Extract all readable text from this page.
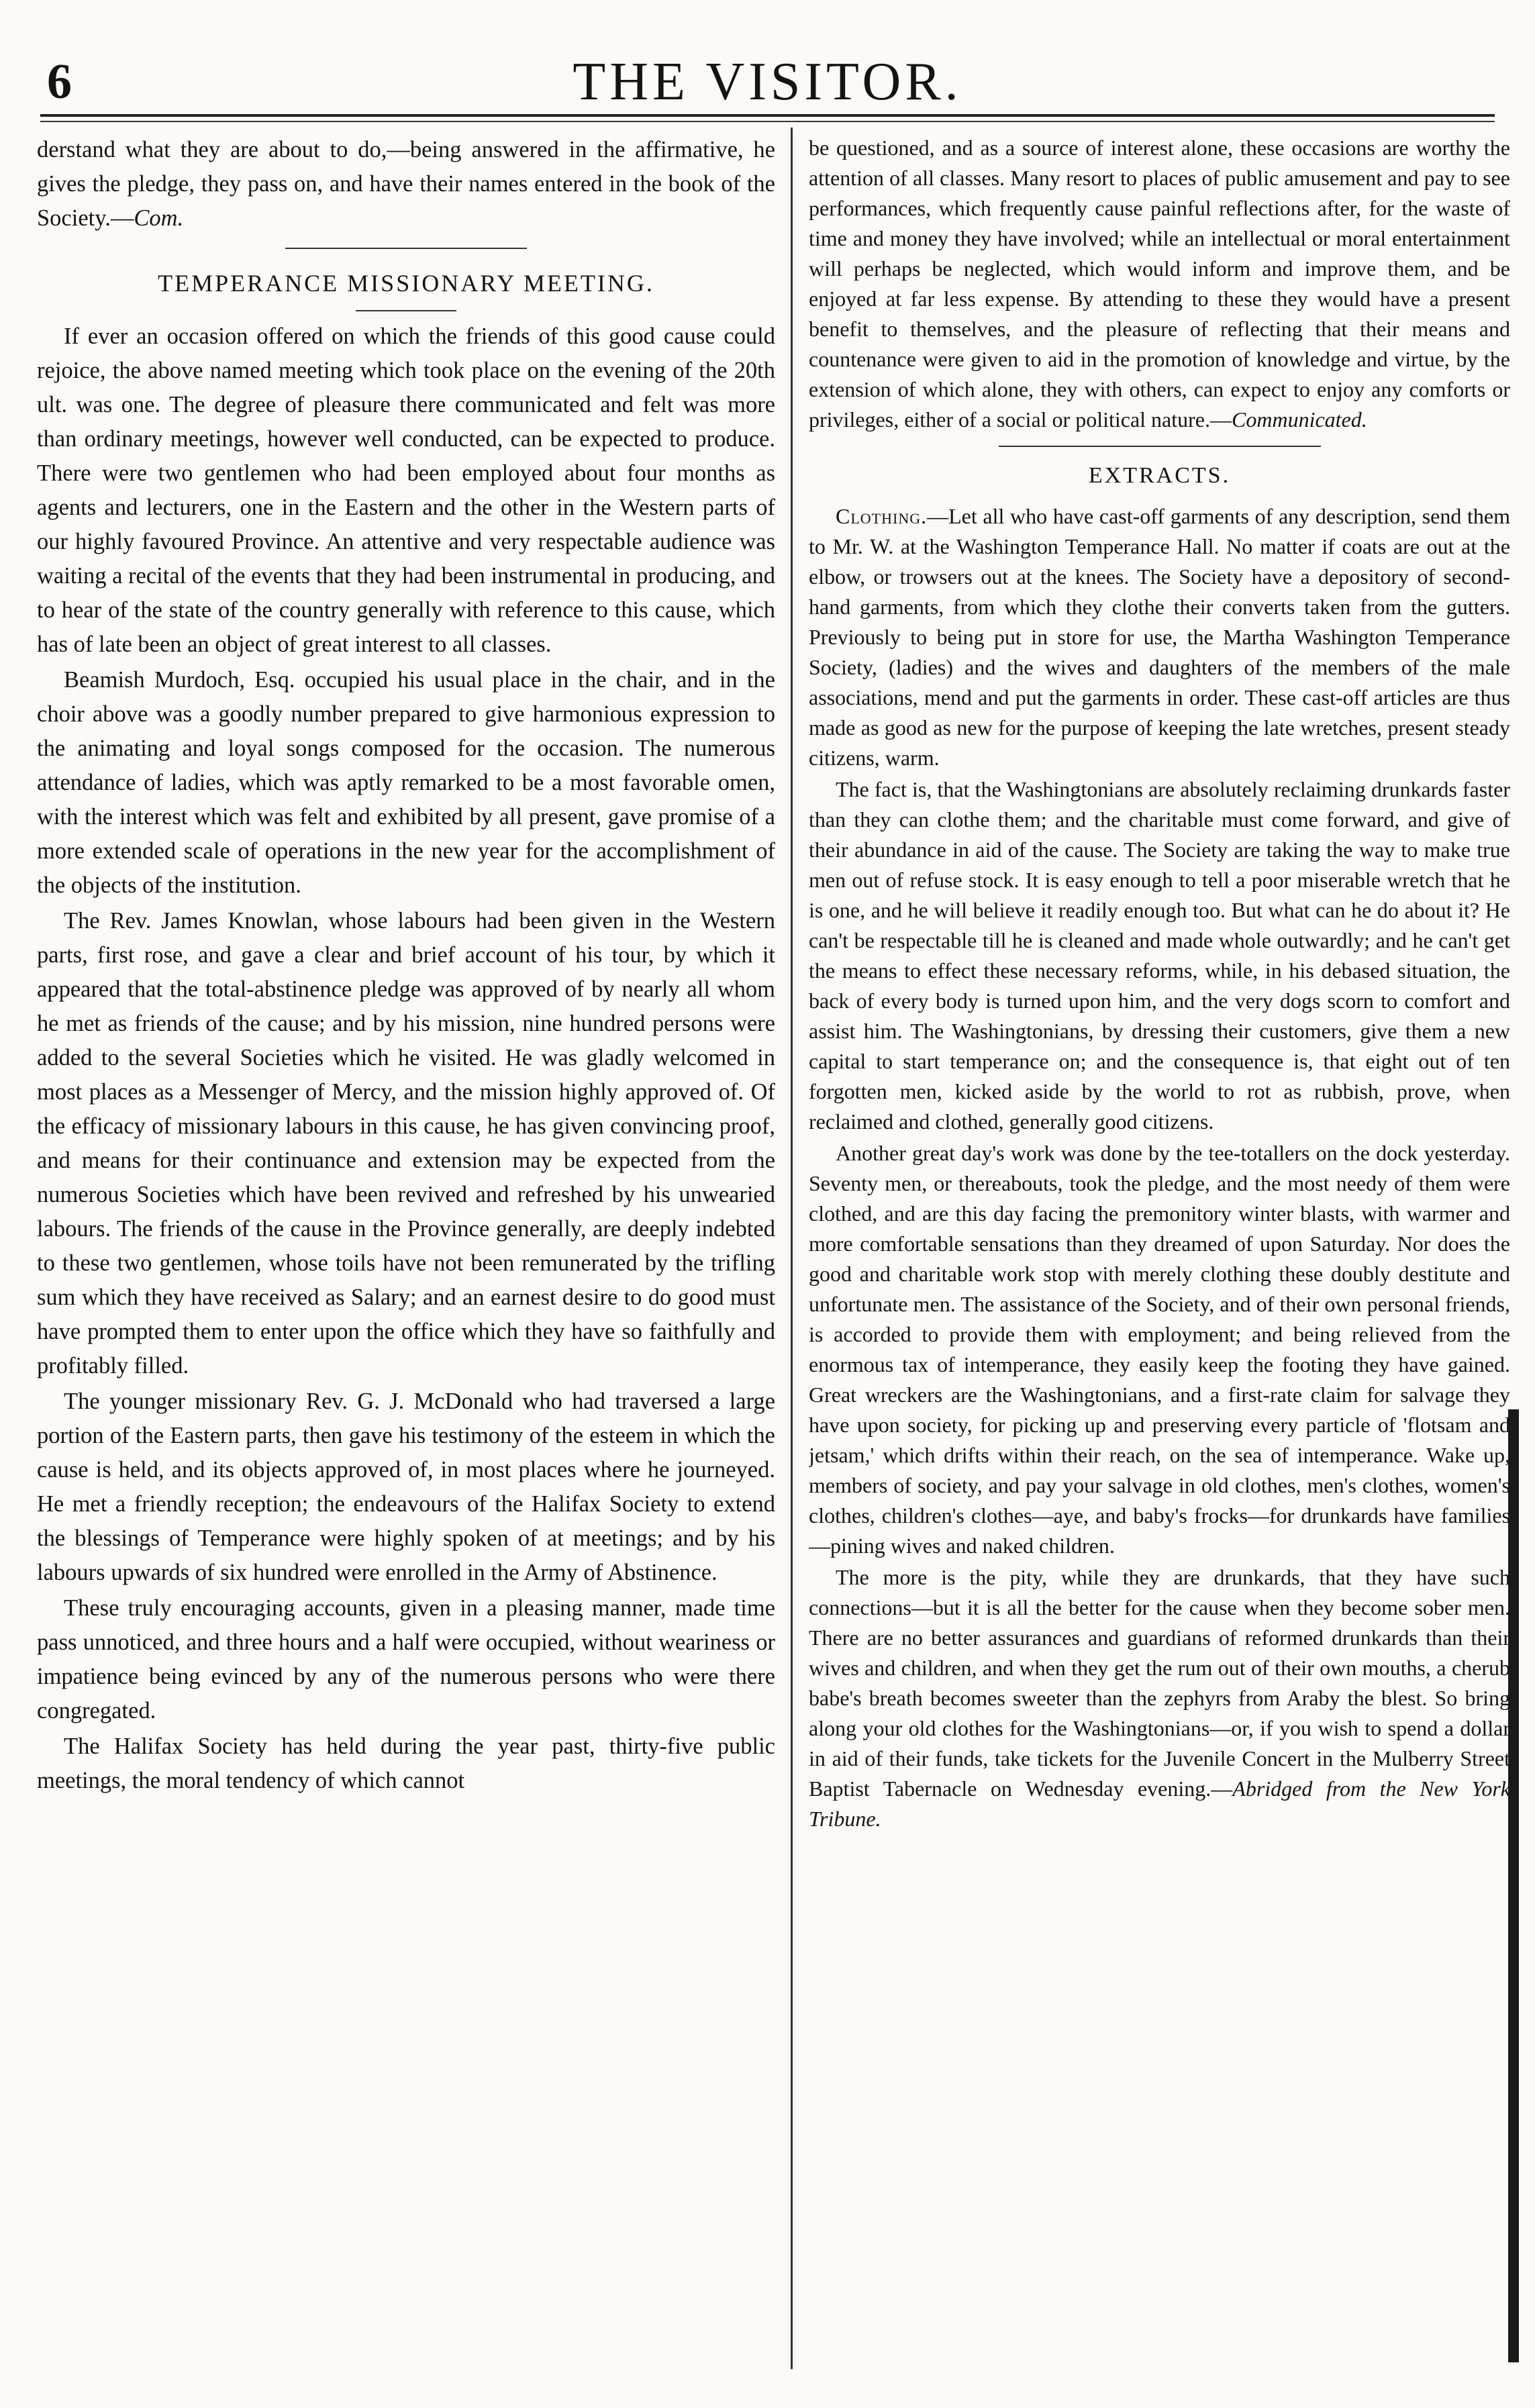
6	THE VISITOR.

derstand what they are about to do,—being answered in the affirmative, he gives the pledge, they pass on, and have their names entered in the book of the Society.—Com.

TEMPERANCE MISSIONARY MEETING.

If ever an occasion offered on which the friends of this good cause could rejoice, the above named meeting which took place on the evening of the 20th ult. was one. The degree of pleasure there communicated and felt was more than ordinary meetings, however well conducted, can be expected to produce. There were two gentlemen who had been employed about four months as agents and lecturers, one in the Eastern and the other in the Western parts of our highly favoured Province. An attentive and very respectable audience was waiting a recital of the events that they had been instrumental in producing, and to hear of the state of the country generally with reference to this cause, which has of late been an object of great interest to all classes.

Beamish Murdoch, Esq. occupied his usual place in the chair, and in the choir above was a goodly number prepared to give harmonious expression to the animating and loyal songs composed for the occasion. The numerous attendance of ladies, which was aptly remarked to be a most favorable omen, with the interest which was felt and exhibited by all present, gave promise of a more extended scale of operations in the new year for the accomplishment of the objects of the institution.

The Rev. James Knowlan, whose labours had been given in the Western parts, first rose, and gave a clear and brief account of his tour, by which it appeared that the total-abstinence pledge was approved of by nearly all whom he met as friends of the cause; and by his mission, nine hundred persons were added to the several Societies which he visited. He was gladly welcomed in most places as a Messenger of Mercy, and the mission highly approved of. Of the efficacy of missionary labours in this cause, he has given convincing proof, and means for their continuance and extension may be expected from the numerous Societies which have been revived and refreshed by his unwearied labours. The friends of the cause in the Province generally, are deeply indebted to these two gentlemen, whose toils have not been remunerated by the trifling sum which they have received as Salary; and an earnest desire to do good must have prompted them to enter upon the office which they have so faithfully and profitably filled.

The younger missionary Rev. G. J. McDonald who had traversed a large portion of the Eastern parts, then gave his testimony of the esteem in which the cause is held, and its objects approved of, in most places where he journeyed. He met a friendly reception; the endeavours of the Halifax Society to extend the blessings of Temperance were highly spoken of at meetings; and by his labours upwards of six hundred were enrolled in the Army of Abstinence.

These truly encouraging accounts, given in a pleasing manner, made time pass unnoticed, and three hours and a half were occupied, without weariness or impatience being evinced by any of the numerous persons who were there congregated.

The Halifax Society has held during the year past, thirty-five public meetings, the moral tendency of which cannot

be questioned, and as a source of interest alone, these occasions are worthy the attention of all classes. Many resort to places of public amusement and pay to see performances, which frequently cause painful reflections after, for the waste of time and money they have involved; while an intellectual or moral entertainment will perhaps be neglected, which would inform and improve them, and be enjoyed at far less expense. By attending to these they would have a present benefit to themselves, and the pleasure of reflecting that their means and countenance were given to aid in the promotion of knowledge and virtue, by the extension of which alone, they with others, can expect to enjoy any comforts or privileges, either of a social or political nature.—Communicated.

EXTRACTS.

Clothing.—Let all who have cast-off garments of any description, send them to Mr. W. at the Washington Temperance Hall. No matter if coats are out at the elbow, or trowsers out at the knees. The Society have a depository of second-hand garments, from which they clothe their converts taken from the gutters. Previously to being put in store for use, the Martha Washington Temperance Society, (ladies) and the wives and daughters of the members of the male associations, mend and put the garments in order. These cast-off articles are thus made as good as new for the purpose of keeping the late wretches, present steady citizens, warm.

The fact is, that the Washingtonians are absolutely reclaiming drunkards faster than they can clothe them; and the charitable must come forward, and give of their abundance in aid of the cause. The Society are taking the way to make true men out of refuse stock. It is easy enough to tell a poor miserable wretch that he is one, and he will believe it readily enough too. But what can he do about it? He can't be respectable till he is cleaned and made whole outwardly; and he can't get the means to effect these necessary reforms, while, in his debased situation, the back of every body is turned upon him, and the very dogs scorn to comfort and assist him. The Washingtonians, by dressing their customers, give them a new capital to start temperance on; and the consequence is, that eight out of ten forgotten men, kicked aside by the world to rot as rubbish, prove, when reclaimed and clothed, generally good citizens.

Another great day's work was done by the tee-totallers on the dock yesterday. Seventy men, or thereabouts, took the pledge, and the most needy of them were clothed, and are this day facing the premonitory winter blasts, with warmer and more comfortable sensations than they dreamed of upon Saturday. Nor does the good and charitable work stop with merely clothing these doubly destitute and unfortunate men. The assistance of the Society, and of their own personal friends, is accorded to provide them with employment; and being relieved from the enormous tax of intemperance, they easily keep the footing they have gained. Great wreckers are the Washingtonians, and a first-rate claim for salvage they have upon society, for picking up and preserving every particle of 'flotsam and jetsam,' which drifts within their reach, on the sea of intemperance. Wake up, members of society, and pay your salvage in old clothes, men's clothes, women's clothes, children's clothes—aye, and baby's frocks—for drunkards have families—pining wives and naked children.

The more is the pity, while they are drunkards, that they have such connections—but it is all the better for the cause when they become sober men. There are no better assurances and guardians of reformed drunkards than their wives and children, and when they get the rum out of their own mouths, a cherub babe's breath becomes sweeter than the zephyrs from Araby the blest. So bring along your old clothes for the Washingtonians—or, if you wish to spend a dollar in aid of their funds, take tickets for the Juvenile Concert in the Mulberry Street Baptist Tabernacle on Wednesday evening.—Abridged from the New York Tribune.
